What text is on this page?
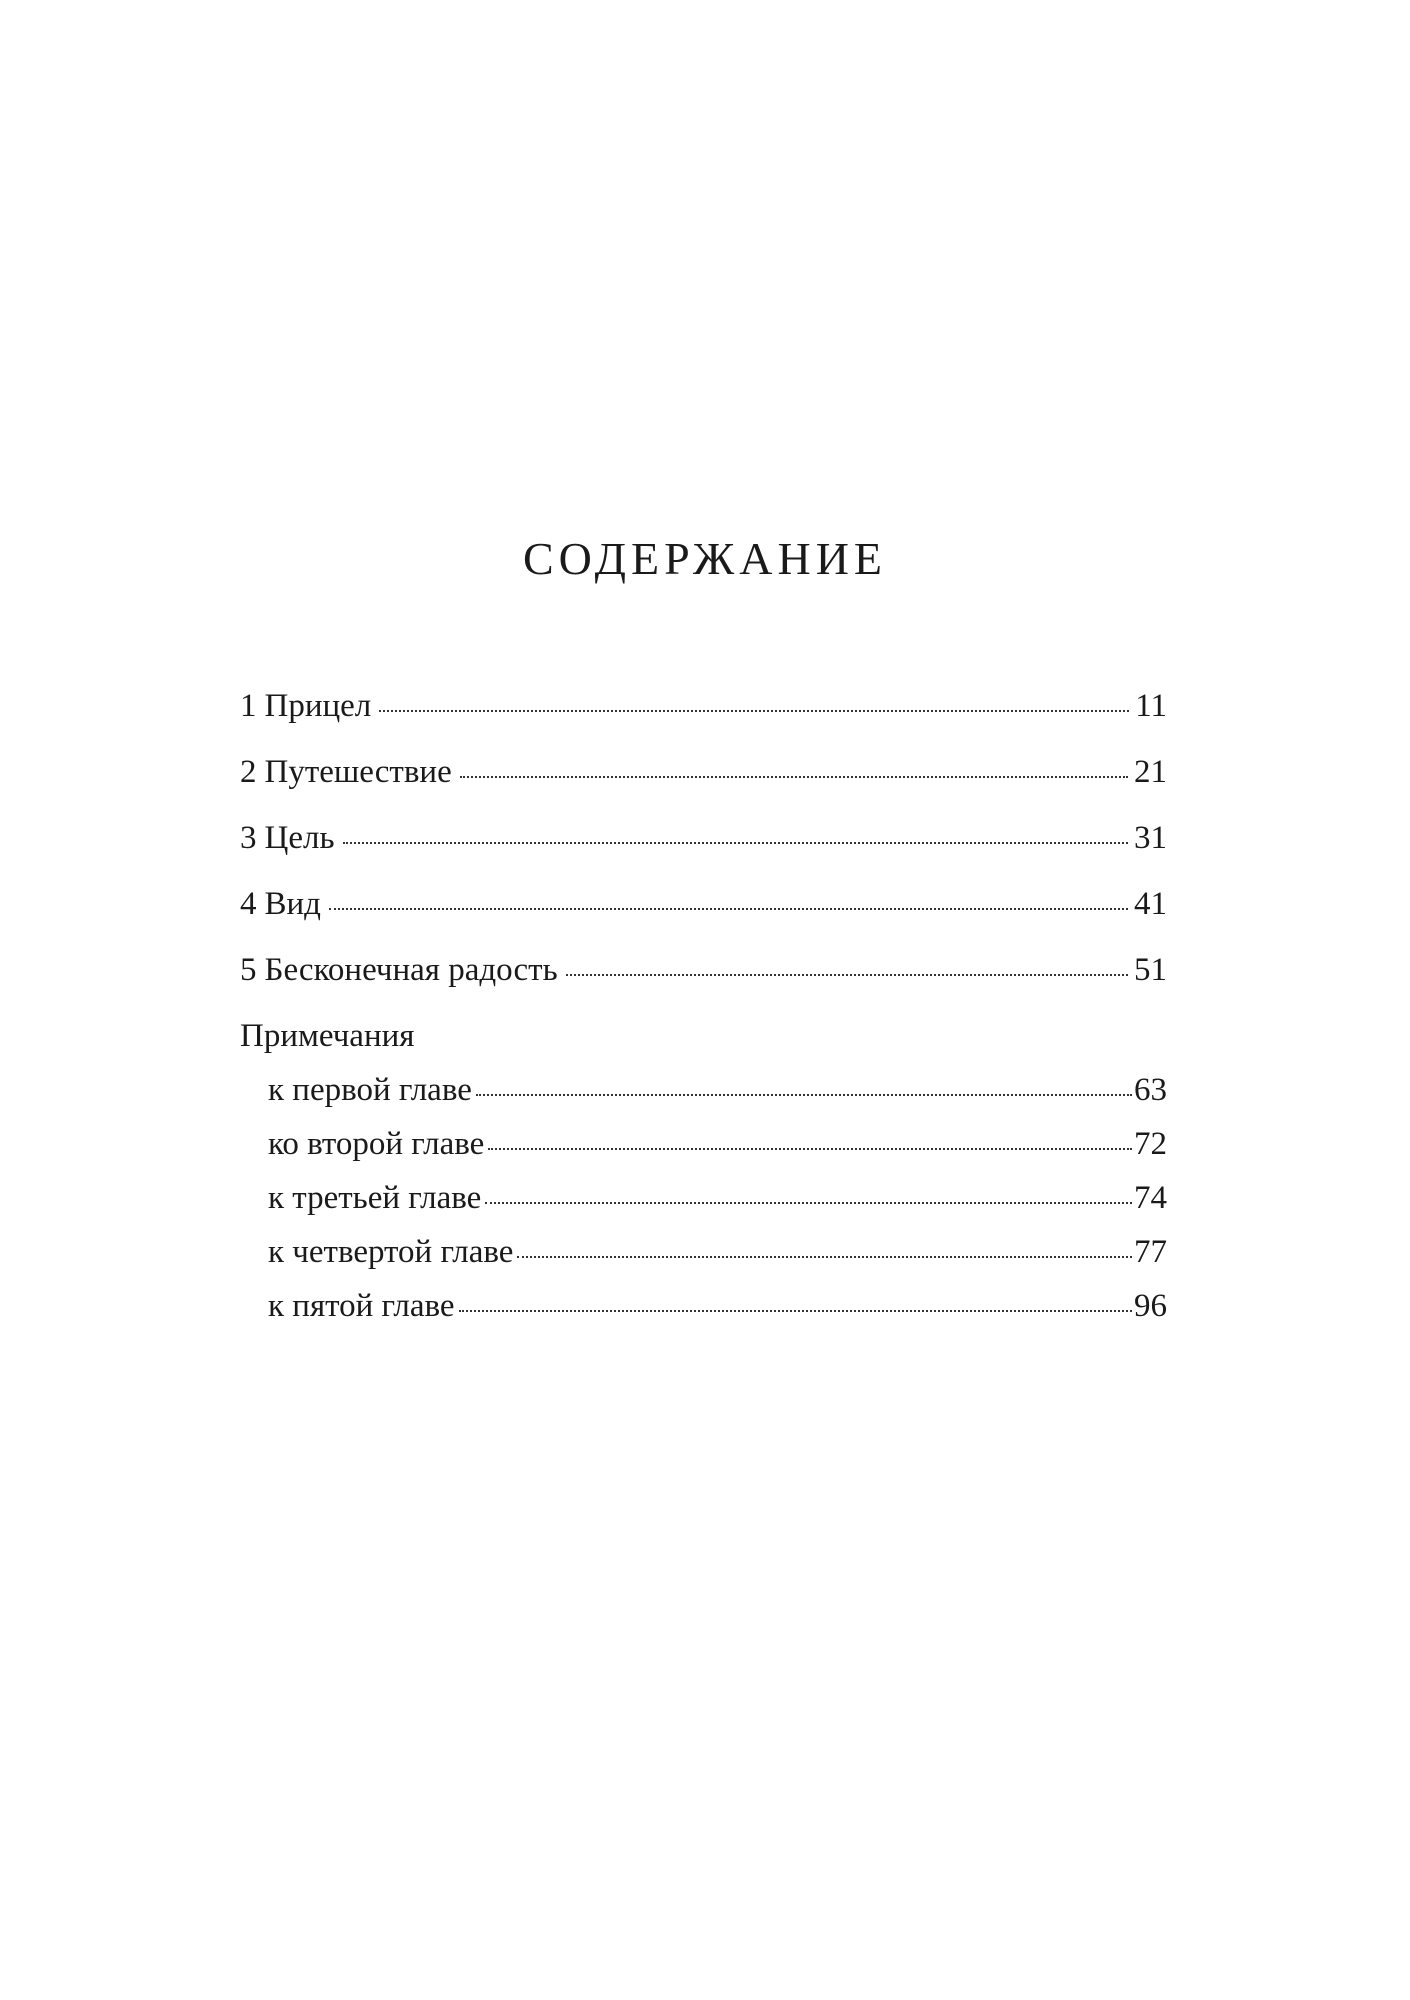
СОДЕРЖАНИЕ
1 Прицел	11
2 Путешествие	21
3 Цель	31
4 Вид	41
5 Бесконечная радость	51
Примечания
к первой главе	63
ко второй главе	72
к третьей главе	74
к четвертой главе	77
к пятой главе	96
